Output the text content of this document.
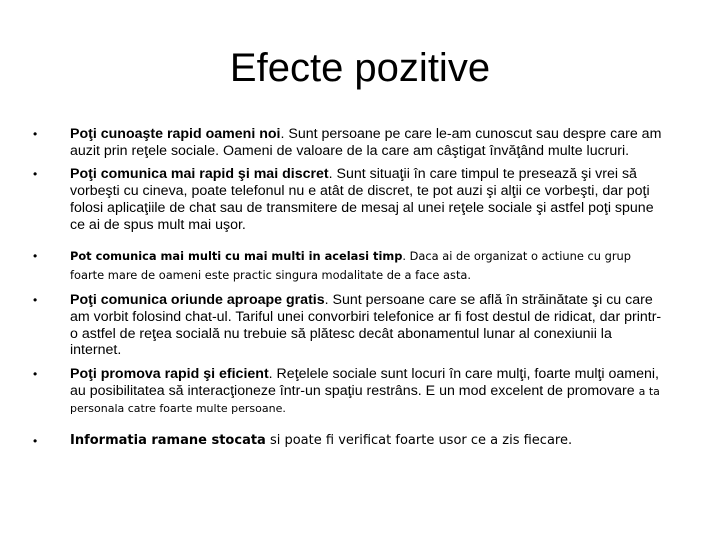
Efecte pozitive
• Poţi cunoaşte rapid oameni noi. Sunt persoane pe care le-am cunoscut sau despre care am auzit prin reţele sociale. Oameni de valoare de la care am câştigat învăţând multe lucruri.
• Poţi comunica mai rapid şi mai discret. Sunt situaţii în care timpul te presează şi vrei să vorbeşti cu cineva, poate telefonul nu e atât de discret, te pot auzi şi alţii ce vorbeşti, dar poţi folosi aplicaţiile de chat sau de transmitere de mesaj al unei reţele sociale şi astfel poţi spune ce ai de spus mult mai uşor.
•	Pot comunica mai multi cu mai multi in acelasi timp. Daca ai de organizat o actiune cu grup foarte mare de oameni este practic singura modalitate de a face asta.
• Poţi comunica oriunde aproape gratis. Sunt persoane care se află în străinătate şi cu care am vorbit folosind chat-ul. Tariful unei convorbiri telefonice ar fi fost destul de ridicat, dar printr-o astfel de reţea socială nu trebuie să plătesc decât abonamentul lunar al conexiunii la internet.
• Poţi promova rapid şi eficient. Reţelele sociale sunt locuri în care mulţi, foarte mulţi oameni, au posibilitatea să interacţioneze într-un spaţiu restrâns. E un mod excelent de promovare a ta personala catre foarte multe persoane.
•	Informatia ramane stocata si poate fi verificat foarte usor ce a zis fiecare.
